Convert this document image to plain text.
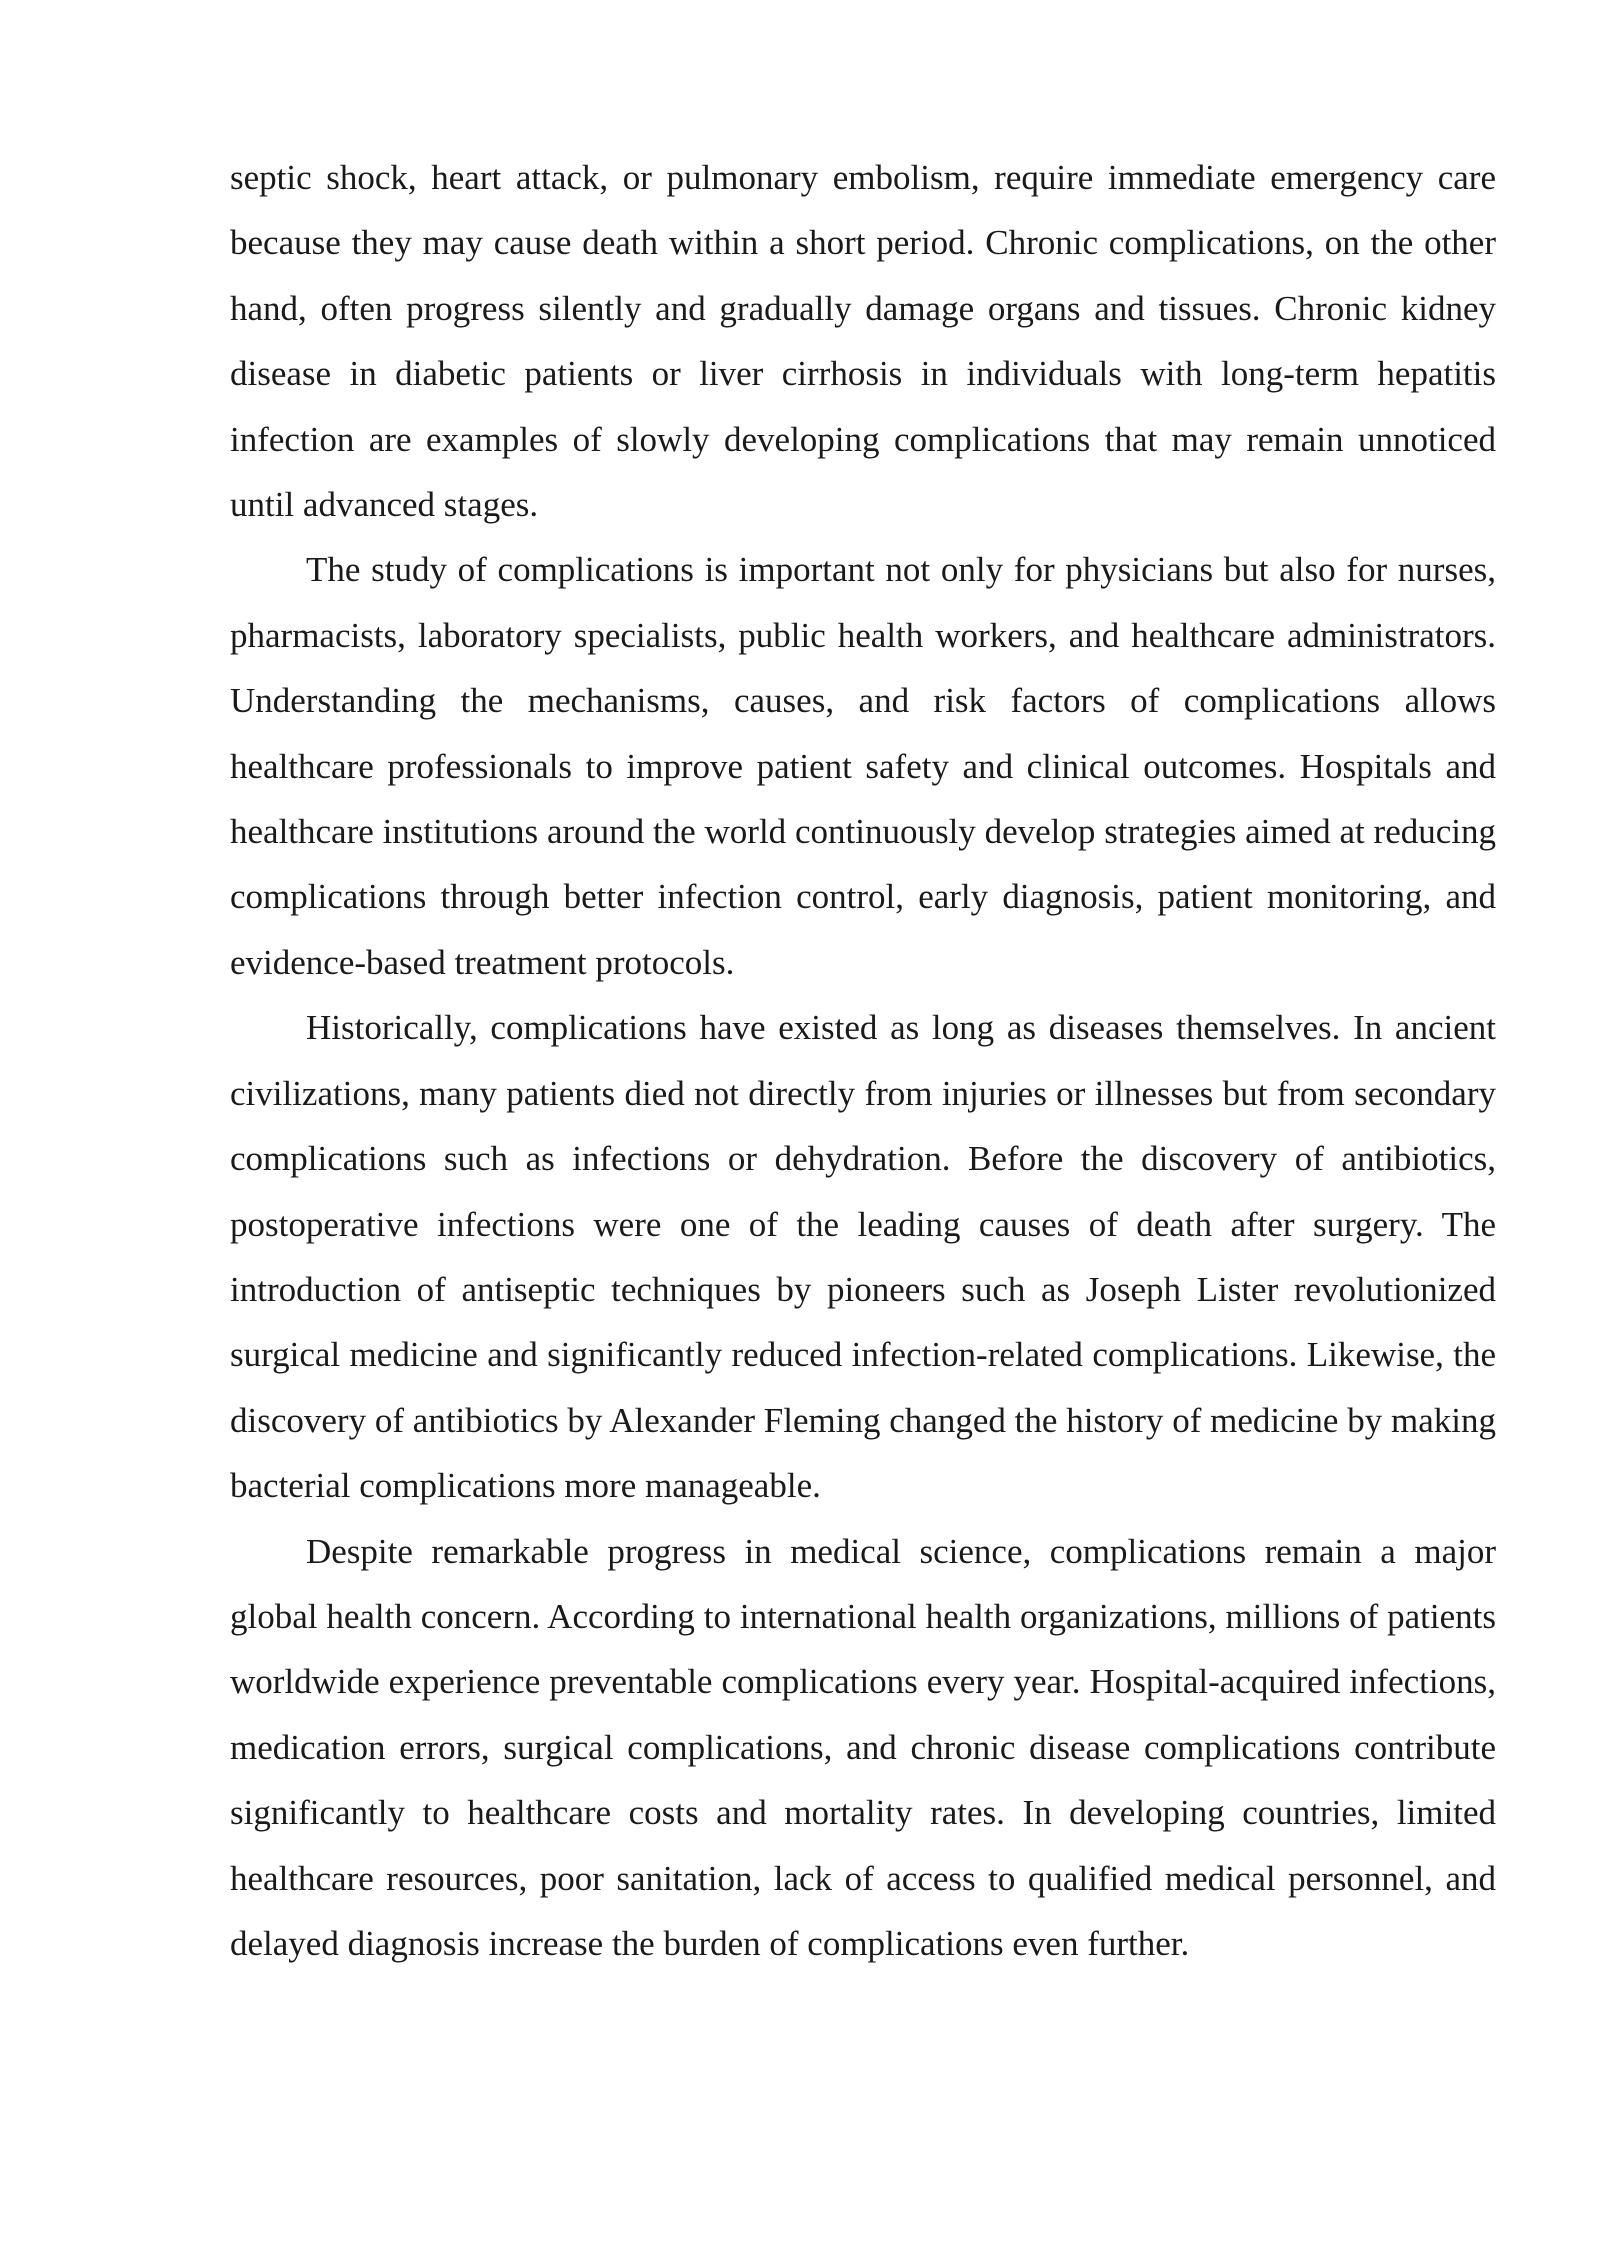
septic shock, heart attack, or pulmonary embolism, require immediate emergency care because they may cause death within a short period. Chronic complications, on the other hand, often progress silently and gradually damage organs and tissues. Chronic kidney disease in diabetic patients or liver cirrhosis in individuals with long-term hepatitis infection are examples of slowly developing complications that may remain unnoticed until advanced stages.

The study of complications is important not only for physicians but also for nurses, pharmacists, laboratory specialists, public health workers, and healthcare administrators. Understanding the mechanisms, causes, and risk factors of complications allows healthcare professionals to improve patient safety and clinical outcomes. Hospitals and healthcare institutions around the world continuously develop strategies aimed at reducing complications through better infection control, early diagnosis, patient monitoring, and evidence-based treatment protocols.

Historically, complications have existed as long as diseases themselves. In ancient civilizations, many patients died not directly from injuries or illnesses but from secondary complications such as infections or dehydration. Before the discovery of antibiotics, postoperative infections were one of the leading causes of death after surgery. The introduction of antiseptic techniques by pioneers such as Joseph Lister revolutionized surgical medicine and significantly reduced infection-related complications. Likewise, the discovery of antibiotics by Alexander Fleming changed the history of medicine by making bacterial complications more manageable.

Despite remarkable progress in medical science, complications remain a major global health concern. According to international health organizations, millions of patients worldwide experience preventable complications every year. Hospital-acquired infections, medication errors, surgical complications, and chronic disease complications contribute significantly to healthcare costs and mortality rates. In developing countries, limited healthcare resources, poor sanitation, lack of access to qualified medical personnel, and delayed diagnosis increase the burden of complications even further.
